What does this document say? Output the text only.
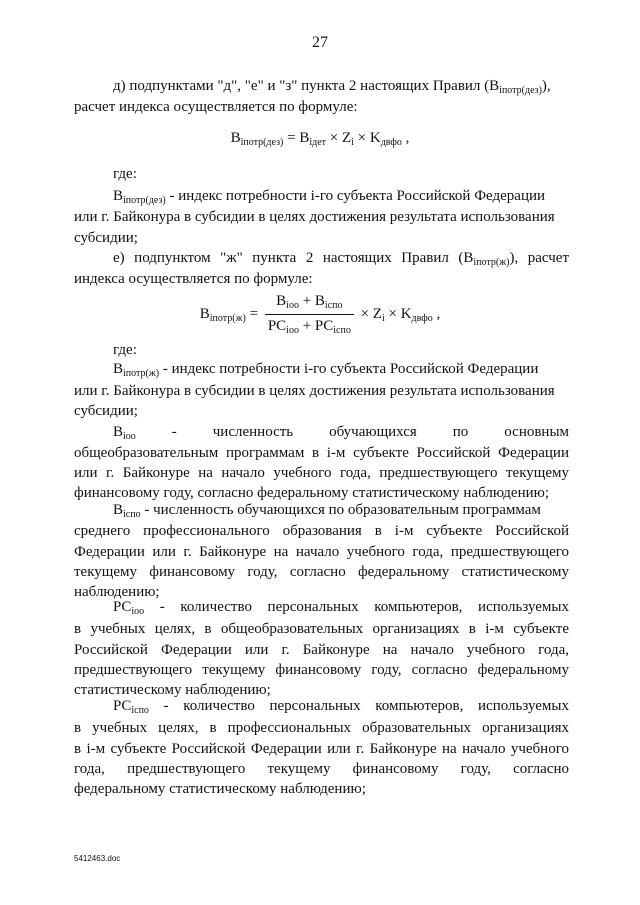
27
д) подпунктами "д", "е" и "з" пункта 2 настоящих Правил $(B_{iпотр(дез)})$,
расчет индекса осуществляется по формуле:
$B_{iпотр(дез)} = B_{iдет} \times Z_i \times K_{двфо}$ ,
где:
$B_{iпотр(дез)}$ - индекс потребности i-го субъекта Российской Федерации
или г. Байконура в субсидии в целях достижения результата использования
субсидии;
е) подпунктом "ж" пункта 2 настоящих Правил $(B_{iпотр(ж)})$, расчет
индекса осуществляется по формуле:
$B_{iпотр(ж)} = \frac{B_{iоо} + B_{iспо}}{PC_{iоо} + PC_{iспо}} \times Z_i \times K_{двфо}$ ,
где:
$B_{iпотр(ж)}$ - индекс потребности i-го субъекта Российской Федерации
или г. Байконура в субсидии в целях достижения результата использования
субсидии;
$B_{iоо}$ - численность обучающихся по основным
общеобразовательным программам в i-м субъекте Российской Федерации
или г. Байконуре на начало учебного года, предшествующего текущему
финансовому году, согласно федеральному статистическому наблюдению;
$B_{iспо}$ - численность обучающихся по образовательным программам
среднего профессионального образования в i-м субъекте Российской
Федерации или г. Байконуре на начало учебного года, предшествующего
текущему финансовому году, согласно федеральному статистическому
наблюдению;
$PC_{iоо}$ - количество персональных компьютеров, используемых
в учебных целях, в общеобразовательных организациях в i-м субъекте
Российской Федерации или г. Байконуре на начало учебного года,
предшествующего текущему финансовому году, согласно федеральному
статистическому наблюдению;
$PC_{iспо}$ - количество персональных компьютеров, используемых
в учебных целях, в профессиональных образовательных организациях
в i-м субъекте Российской Федерации или г. Байконуре на начало учебного
года, предшествующего текущему финансовому году, согласно
федеральному статистическому наблюдению;
5412463.doc
